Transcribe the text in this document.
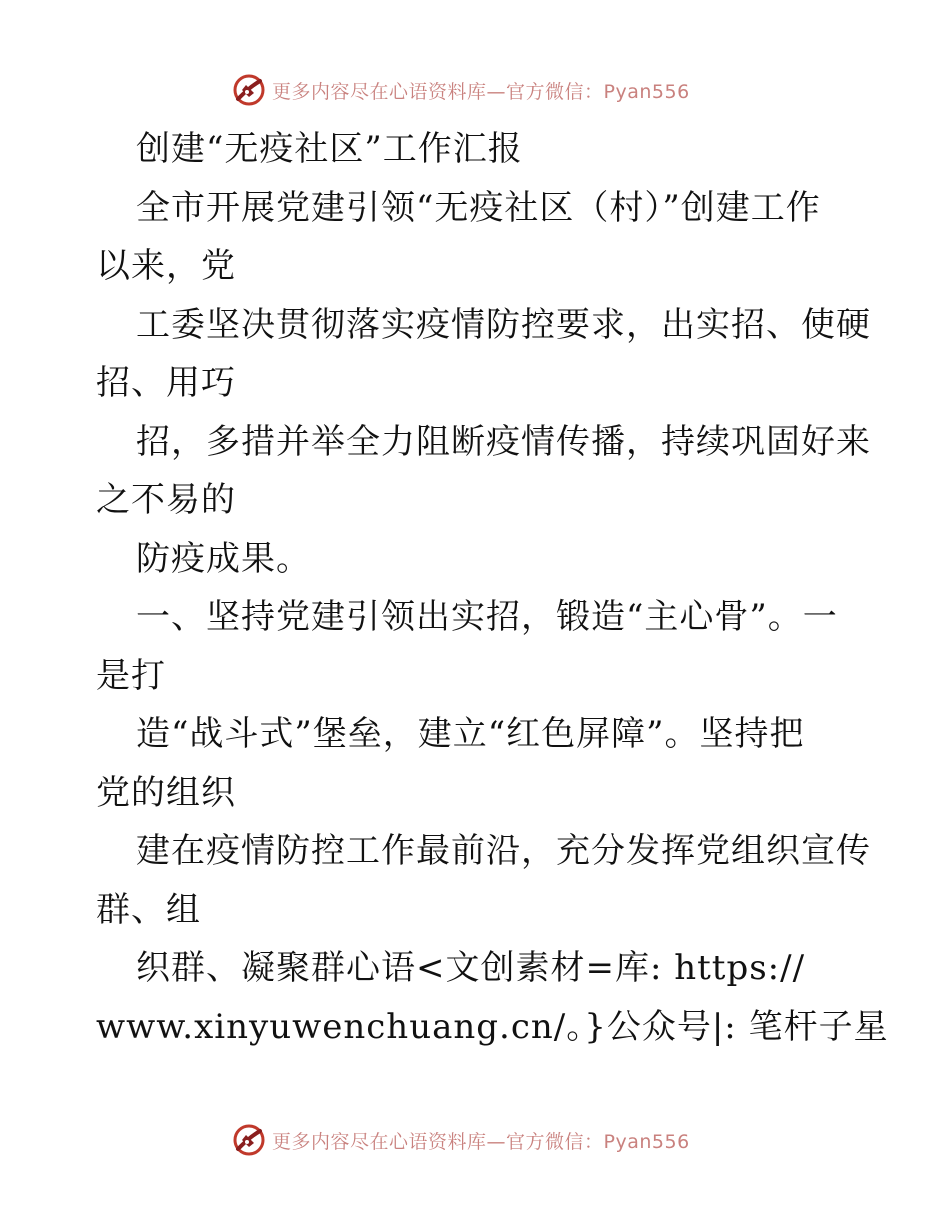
更多内容尽在心语资料库—官方微信：Pyan556
创建“无疫社区”工作汇报
全市开展党建引领“无疫社区（村）”创建工作
以来，党
工委坚决贯彻落实疫情防控要求，出实招、使硬
招、用巧
招，多措并举全力阻断疫情传播，持续巩固好来
之不易的
防疫成果。
一、坚持党建引领出实招，锻造“主心骨”。一
是打
造“战斗式”堡垒，建立“红色屏障”。坚持把
党的组织
建在疫情防控工作最前沿，充分发挥党组织宣传
群、组
织群、凝聚群心语<文创素材=库: https://
www.xinyuwenchuang.cn/。}公众号|: 笔杆子星
更多内容尽在心语资料库—官方微信：Pyan556
